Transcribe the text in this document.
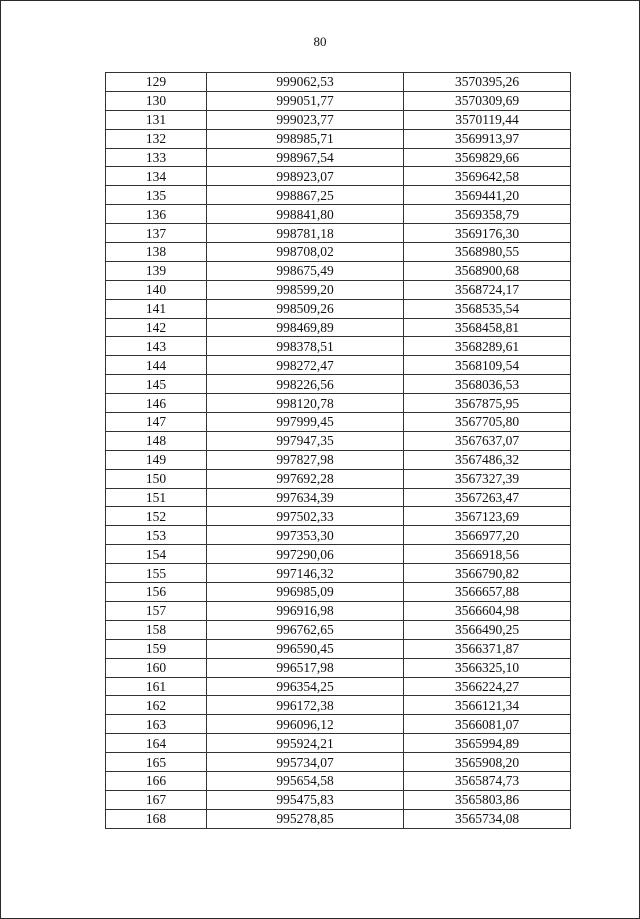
80
129	999062,53	3570395,26
130	999051,77	3570309,69
131	999023,77	3570119,44
132	998985,71	3569913,97
133	998967,54	3569829,66
134	998923,07	3569642,58
135	998867,25	3569441,20
136	998841,80	3569358,79
137	998781,18	3569176,30
138	998708,02	3568980,55
139	998675,49	3568900,68
140	998599,20	3568724,17
141	998509,26	3568535,54
142	998469,89	3568458,81
143	998378,51	3568289,61
144	998272,47	3568109,54
145	998226,56	3568036,53
146	998120,78	3567875,95
147	997999,45	3567705,80
148	997947,35	3567637,07
149	997827,98	3567486,32
150	997692,28	3567327,39
151	997634,39	3567263,47
152	997502,33	3567123,69
153	997353,30	3566977,20
154	997290,06	3566918,56
155	997146,32	3566790,82
156	996985,09	3566657,88
157	996916,98	3566604,98
158	996762,65	3566490,25
159	996590,45	3566371,87
160	996517,98	3566325,10
161	996354,25	3566224,27
162	996172,38	3566121,34
163	996096,12	3566081,07
164	995924,21	3565994,89
165	995734,07	3565908,20
166	995654,58	3565874,73
167	995475,83	3565803,86
168	995278,85	3565734,08
